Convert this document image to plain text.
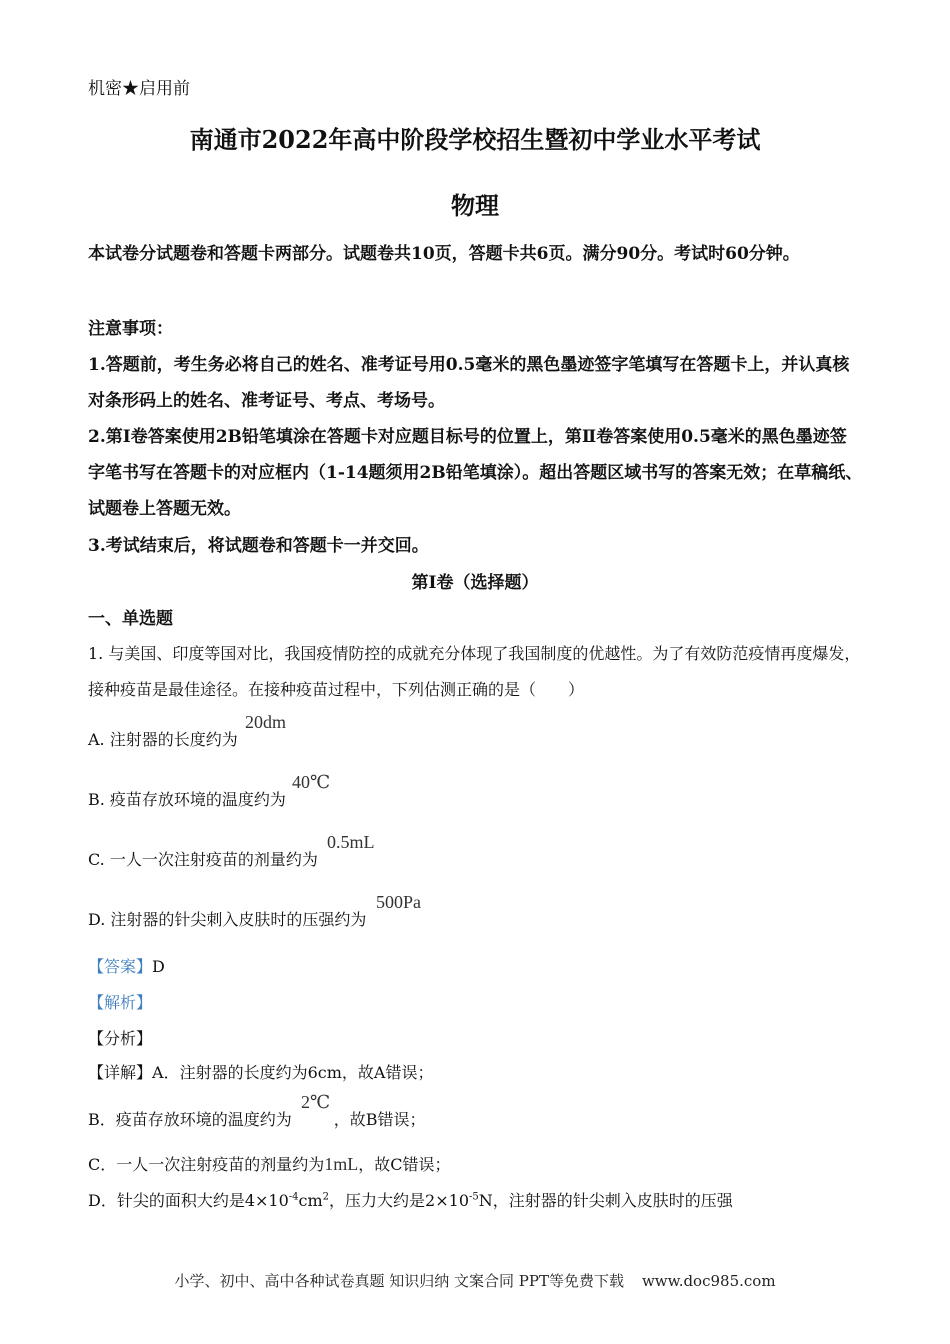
机密★启用前
南通市2022年高中阶段学校招生暨初中学业水平考试
物理
本试卷分试题卷和答题卡两部分。试题卷共10页，答题卡共6页。满分90分。考试时60分钟。
注意事项：
1.答题前，考生务必将自己的姓名、准考证号用0.5毫米的黑色墨迹签字笔填写在答题卡上，并认真核对条形码上的姓名、准考证号、考点、考场号。
2.第Ⅰ卷答案使用2B铅笔填涂在答题卡对应题目标号的位置上，第Ⅱ卷答案使用0.5毫米的黑色墨迹签字笔书写在答题卡的对应框内（1-14题须用2B铅笔填涂）。超出答题区域书写的答案无效；在草稿纸、试题卷上答题无效。
3.考试结束后，将试题卷和答题卡一并交回。
第Ⅰ卷（选择题）
一、单选题
1. 与美国、印度等国对比，我国疫情防控的成就充分体现了我国制度的优越性。为了有效防范疫情再度爆发，接种疫苗是最佳途径。在接种疫苗过程中，下列估测正确的是（　　）
A. 注射器的长度约为
20dm
B. 疫苗存放环境的温度约为
40℃
C. 一人一次注射疫苗的剂量约为
0.5mL
D. 注射器的针尖刺入皮肤时的压强约为
500Pa
【答案】D
【解析】
【分析】
【详解】A．注射器的长度约为6cm，故A错误；
B．疫苗存放环境的温度约为	，故B错误；
2℃
C．一人一次注射疫苗的剂量约为1mL，故C错误；
D．针尖的面积大约是$4\times 10^{-4}cm^2$，压力大约是$2\times 10^{-5}N$，注射器的针尖刺入皮肤时的压强
小学、初中、高中各种试卷真题 知识归纳 文案合同 PPT等免费下载 www.doc985.com
